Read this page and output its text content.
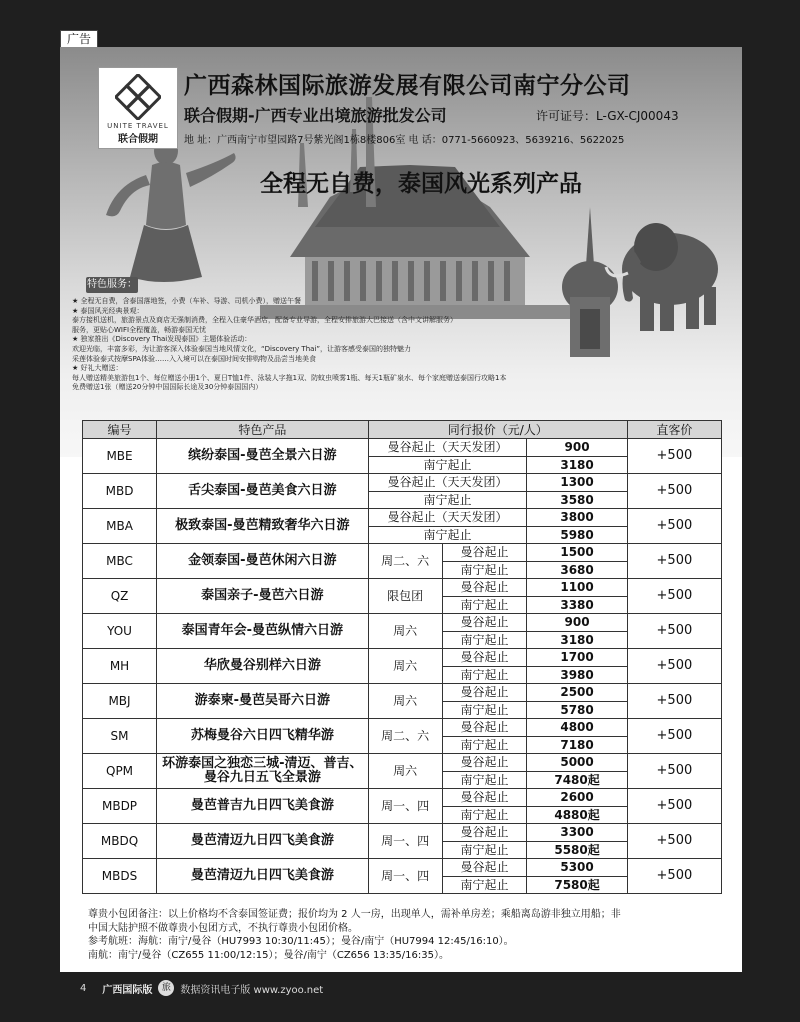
广告
UNITE TRAVEL
联合假期
广西森林国际旅游发展有限公司南宁分公司
联合假期-广西专业出境旅游批发公司	许可证号：L-GX-CJ00043
地 址：广西南宁市望园路7号紫光阁1栋8楼806室 电 话：0771-5660923、5639216、5622025
全程无自费，泰国风光系列产品
特色服务：
★ 全程无自费，含泰国落地签，小费（车补、导游、司机小费），赠送午餐
★ 泰国风光经典景观：
泰方接机送机，旅游景点及商店无强制消费，全程入住豪华酒店，配备专业导游，全程安排旅游大巴接送（含中文讲解服务）
服务，更贴心WIFI全程覆盖，畅游泰国无忧
★ 独家推出《Discovery Thai发现泰国》主题体验活动：
欢迎光临，丰富多彩，为让游客深入体验泰国当地风情文化，“Discovery Thai”，让游客感受泰国的独特魅力
采莲体验泰式按摩SPA体验……入入境可以在泰国时间安排购物及品尝当地美食
★ 好礼大赠送：
每人赠送精美旅游包1个、每位赠送小册1个、夏日T恤1件、泳装人字拖1双、防蚊虫喷雾1瓶、每天1瓶矿泉水、每个家庭赠送泰国行攻略1本
免费赠送1张（赠送20分钟中国国际长途及30分钟泰国国内）
编号	特色产品	同行报价（元/人）			直客价
MBE	缤纷泰国-曼芭全景六日游	曼谷起止（天天发团）		900	+500
		南宁起止		3180	
MBD	舌尖泰国-曼芭美食六日游	曼谷起止（天天发团）		1300	+500
		南宁起止		3580	
MBA	极致泰国-曼芭精致奢华六日游	曼谷起止（天天发团）		3800	+500
		南宁起止		5980	
MBC	金领泰国-曼芭休闲六日游	周二、六	曼谷起止	1500	+500
			南宁起止	3680	
QZ	泰国亲子-曼芭六日游	限包团	曼谷起止	1100	+500
			南宁起止	3380	
YOU	泰国青年会-曼芭纵情六日游	周六	曼谷起止	900	+500
			南宁起止	3180	
MH	华欣曼谷别样六日游	周六	曼谷起止	1700	+500
			南宁起止	3980	
MBJ	游泰柬-曼芭吴哥六日游	周六	曼谷起止	2500	+500
			南宁起止	5780	
SM	苏梅曼谷六日四飞精华游	周二、六	曼谷起止	4800	+500
			南宁起止	7180	
QPM	环游泰国之独恋三城-清迈、普吉、
曼谷九日五飞全景游	周六	曼谷起止	5000	+500
			南宁起止	7480起	
MBDP	曼芭普吉九日四飞美食游	周一、四	曼谷起止	2600	+500
			南宁起止	4880起	
MBDQ	曼芭清迈九日四飞美食游	周一、四	曼谷起止	3300	+500
			南宁起止	5580起	
MBDS	曼芭清迈九日四飞美食游	周一、四	曼谷起止	5300	+500
			南宁起止	7580起	
尊贵小包团备注：以上价格均不含泰国签证费；报价均为 2 人一房，出现单人，需补单房差；乘船离岛游非独立用船；非
中国大陆护照不做尊贵小包团方式，不执行尊贵小包团价格。
参考航班：海航：南宁/曼谷（HU7993 10:30/11:45）；曼谷/南宁（HU7994 12:45/16:10）。
南航：南宁/曼谷（CZ655 11:00/12:15）；曼谷/南宁（CZ656 13:35/16:35）。
4 广西国际版	旅 数据资讯电子版 www.zyoo.net
